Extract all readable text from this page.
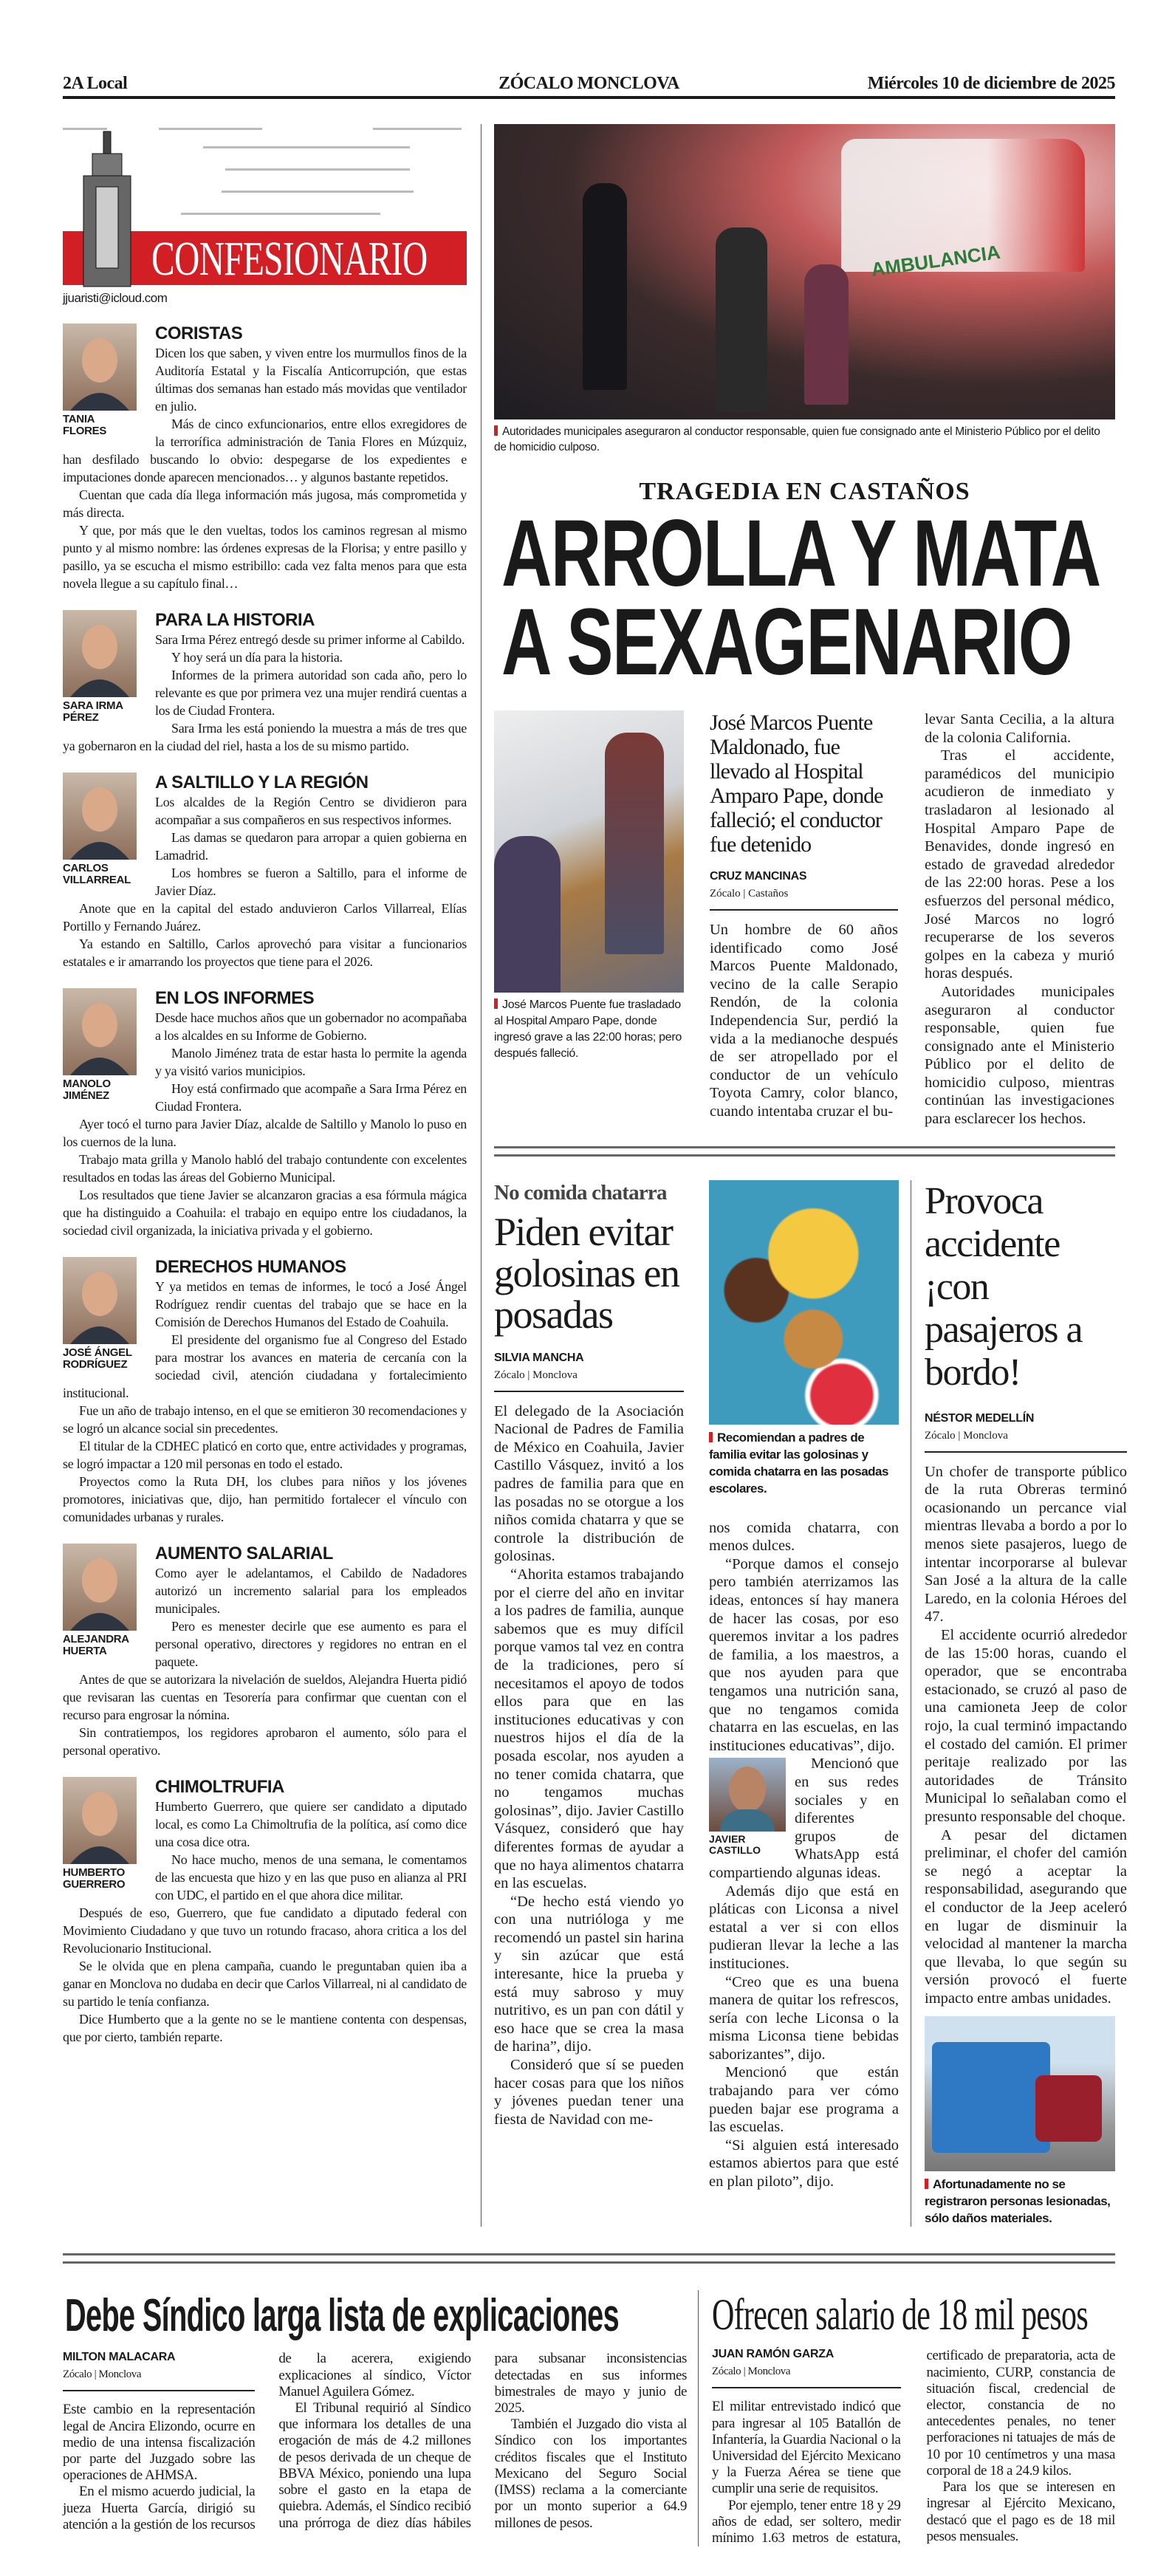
2A Local	ZÓCALO MONCLOVA	Miércoles 10 de diciembre de 2025
CONFESIONARIO
jjuaristi@icloud.com
TANIA FLORES
CORISTAS

Dicen los que saben, y viven entre los murmullos finos de la Auditoría Estatal y la Fiscalía Anticorrupción, que estas últimas dos semanas han estado más movidas que ventilador en julio.

Más de cinco exfuncionarios, entre ellos exregidores de la terrorífica administración de Tania Flores en Múzquiz, han desfilado buscando lo obvio: despegarse de los expedientes e imputaciones donde aparecen mencionados… y algunos bastante repetidos.

Cuentan que cada día llega información más jugosa, más comprometida y más directa.

Y que, por más que le den vueltas, todos los caminos regresan al mismo punto y al mismo nombre: las órdenes expresas de la Florisa; y entre pasillo y pasillo, ya se escucha el mismo estribillo: cada vez falta menos para que esta novela llegue a su capítulo final…

SARA IRMA PÉREZ
PARA LA HISTORIA

Sara Irma Pérez entregó desde su primer informe al Cabildo.

Y hoy será un día para la historia.

Informes de la primera autoridad son cada año, pero lo relevante es que por primera vez una mujer rendirá cuentas a los de Ciudad Frontera.

Sara Irma les está poniendo la muestra a más de tres que ya gobernaron en la ciudad del riel, hasta a los de su mismo partido.

CARLOS VILLARREAL
A SALTILLO Y LA REGIÓN

Los alcaldes de la Región Centro se dividieron para acompañar a sus compañeros en sus respectivos informes.

Las damas se quedaron para arropar a quien gobierna en Lamadrid.

Los hombres se fueron a Saltillo, para el informe de Javier Díaz.

Anote que en la capital del estado anduvieron Carlos Villarreal, Elías Portillo y Fernando Juárez.

Ya estando en Saltillo, Carlos aprovechó para visitar a funcionarios estatales e ir amarrando los proyectos que tiene para el 2026.

MANOLO JIMÉNEZ
EN LOS INFORMES

Desde hace muchos años que un gobernador no acompañaba a los alcaldes en su Informe de Gobierno.

Manolo Jiménez trata de estar hasta lo permite la agenda y ya visitó varios municipios.

Hoy está confirmado que acompañe a Sara Irma Pérez en Ciudad Frontera.

Ayer tocó el turno para Javier Díaz, alcalde de Saltillo y Manolo lo puso en los cuernos de la luna.

Trabajo mata grilla y Manolo habló del trabajo contundente con excelentes resultados en todas las áreas del Gobierno Municipal.

Los resultados que tiene Javier se alcanzaron gracias a esa fórmula mágica que ha distinguido a Coahuila: el trabajo en equipo entre los ciudadanos, la sociedad civil organizada, la iniciativa privada y el gobierno.

JOSÉ ÁNGEL RODRÍGUEZ
DERECHOS HUMANOS

Y ya metidos en temas de informes, le tocó a José Ángel Rodríguez rendir cuentas del trabajo que se hace en la Comisión de Derechos Humanos del Estado de Coahuila.

El presidente del organismo fue al Congreso del Estado para mostrar los avances en materia de cercanía con la sociedad civil, atención ciudadana y fortalecimiento institucional.

Fue un año de trabajo intenso, en el que se emitieron 30 recomendaciones y se logró un alcance social sin precedentes.

El titular de la CDHEC platicó en corto que, entre actividades y programas, se logró impactar a 120 mil personas en todo el estado.

Proyectos como la Ruta DH, los clubes para niños y los jóvenes promotores, iniciativas que, dijo, han permitido fortalecer el vínculo con comunidades urbanas y rurales.

ALEJANDRA HUERTA
AUMENTO SALARIAL

Como ayer le adelantamos, el Cabildo de Nadadores autorizó un incremento salarial para los empleados municipales.

Pero es menester decirle que ese aumento es para el personal operativo, directores y regidores no entran en el paquete.

Antes de que se autorizara la nivelación de sueldos, Alejandra Huerta pidió que revisaran las cuentas en Tesorería para confirmar que cuentan con el recurso para engrosar la nómina.

Sin contratiempos, los regidores aprobaron el aumento, sólo para el personal operativo.

HUMBERTO GUERRERO
CHIMOLTRUFIA

Humberto Guerrero, que quiere ser candidato a diputado local, es como La Chimoltrufia de la política, así como dice una cosa dice otra.

No hace mucho, menos de una semana, le comentamos de las encuesta que hizo y en las que puso en alianza al PRI con UDC, el partido en el que ahora dice militar.

Después de eso, Guerrero, que fue candidato a diputado federal con Movimiento Ciudadano y que tuvo un rotundo fracaso, ahora critica a los del Revolucionario Institucional.

Se le olvida que en plena campaña, cuando le preguntaban quien iba a ganar en Monclova no dudaba en decir que Carlos Villarreal, ni al candidato de su partido le tenía confianza.

Dice Humberto que a la gente no se le mantiene contenta con despensas, que por cierto, también reparte.

AMBULANCIA
Autoridades municipales aseguraron al conductor responsable, quien fue consignado ante el Ministerio Público por el delito de homicidio culposo.
TRAGEDIA EN CASTAÑOS
ARROLLA Y MATA
A SEXAGENARIO
José Marcos Puente fue trasladado al Hospital Amparo Pape, donde ingresó grave a las 22:00 horas; pero después falleció.
José Marcos Puente Maldonado, fue llevado al Hospital Amparo Pape, donde falleció; el conductor fue detenido
CRUZ MANCINAS
Zócalo | Castaños

Un hombre de 60 años identificado como José Marcos Puente Maldonado, vecino de la calle Serapio Rendón, de la colonia Independencia Sur, perdió la vida a la medianoche después de ser atropellado por el conductor de un vehículo Toyota Camry, color blanco, cuando intentaba cruzar el bu-

levar Santa Cecilia, a la altura de la colonia California.

Tras el accidente, paramédicos del municipio acudieron de inmediato y trasladaron al lesionado al Hospital Amparo Pape de Benavides, donde ingresó en estado de gravedad alrededor de las 22:00 horas. Pese a los esfuerzos del personal médico, José Marcos no logró recuperarse de los severos golpes en la cabeza y murió horas después.

Autoridades municipales aseguraron al conductor responsable, quien fue consignado ante el Ministerio Público por el delito de homicidio culposo, mientras continúan las investigaciones para esclarecer los hechos.

No comida chatarra
Piden evitar golosinas en posadas
SILVIA MANCHA
Zócalo | Monclova

El delegado de la Asociación Nacional de Padres de Familia de México en Coahuila, Javier Castillo Vásquez, invitó a los padres de familia para que en las posadas no se otorgue a los niños comida chatarra y que se controle la distribución de golosinas.

“Ahorita estamos trabajando por el cierre del año en invitar a los padres de familia, aunque sabemos que es muy difícil porque vamos tal vez en contra de la tradiciones, pero sí necesitamos el apoyo de todos ellos para que en las instituciones educativas y con nuestros hijos el día de la posada escolar, nos ayuden a no tener comida chatarra, que no tengamos muchas golosinas”, dijo. Javier Castillo Vásquez, consideró que hay diferentes formas de ayudar a que no haya alimentos chatarra en las escuelas.

“De hecho está viendo yo con una nutrióloga y me recomendó un pastel sin harina y sin azúcar que está interesante, hice la prueba y está muy sabroso y muy nutritivo, es un pan con dátil y eso hace que se crea la masa de harina”, dijo.

Consideró que sí se pueden hacer cosas para que los niños y jóvenes puedan tener una fiesta de Navidad con me-

Recomiendan a padres de familia evitar las golosinas y comida chatarra en las posadas escolares.

nos comida chatarra, con menos dulces.

“Porque damos el consejo pero también aterrizamos las ideas, entonces sí hay manera de hacer las cosas, por eso queremos invitar a los padres de familia, a los maestros, a que nos ayuden para que tengamos una nutrición sana, que no tengamos comida chatarra en las escuelas, en las instituciones educativas”, dijo.

JAVIER CASTILLO

Mencionó que en sus redes sociales y en diferentes grupos de WhatsApp está compartiendo algunas ideas.

Además dijo que está en pláticas con Liconsa a nivel estatal a ver si con ellos pudieran llevar la leche a las instituciones.

“Creo que es una buena manera de quitar los refrescos, sería con leche Liconsa o la misma Liconsa tiene bebidas saborizantes”, dijo.

Mencionó que están trabajando para ver cómo pueden bajar ese programa a las escuelas.

“Si alguien está interesado estamos abiertos para que esté en plan piloto”, dijo.

Provoca accidente ¡con pasajeros a bordo!
NÉSTOR MEDELLÍN
Zócalo | Monclova

Un chofer de transporte público de la ruta Obreras terminó ocasionando un percance vial mientras llevaba a bordo a por lo menos siete pasajeros, luego de intentar incorporarse al bulevar San José a la altura de la calle Laredo, en la colonia Héroes del 47.

El accidente ocurrió alrededor de las 15:00 horas, cuando el operador, que se encontraba estacionado, se cruzó al paso de una camioneta Jeep de color rojo, la cual terminó impactando el costado del camión. El primer peritaje realizado por las autoridades de Tránsito Municipal lo señalaban como el presunto responsable del choque.

A pesar del dictamen preliminar, el chofer del camión se negó a aceptar la responsabilidad, asegurando que el conductor de la Jeep aceleró en lugar de disminuir la velocidad al mantener la marcha que llevaba, lo que según su versión provocó el fuerte impacto entre ambas unidades.

Afortunadamente no se registraron personas lesionadas, sólo daños materiales.
Debe Síndico larga lista de explicaciones
MILTON MALACARA
Zócalo | Monclova

Este cambio en la representación legal de Ancira Elizondo, ocurre en medio de una intensa fiscalización por parte del Juzgado sobre las operaciones de AHMSA.

En el mismo acuerdo judicial, la jueza Huerta García, dirigió su atención a la gestión de los recursos de la acerera, exigiendo explicaciones al síndico, Víctor Manuel Aguilera Gómez.

El Tribunal requirió al Síndico que informara los detalles de una erogación de más de 4.2 millones de pesos derivada de un cheque de BBVA México, poniendo una lupa sobre el gasto en la etapa de quiebra. Además, el Síndico recibió una prórroga de diez días hábiles para subsanar inconsistencias detectadas en sus informes bimestrales de mayo y junio de 2025.

También el Juzgado dio vista al Síndico con los importantes créditos fiscales que el Instituto Mexicano del Seguro Social (IMSS) reclama a la comerciante por un monto superior a 64.9 millones de pesos.

Ofrecen salario de 18 mil pesos
JUAN RAMÓN GARZA
Zócalo | Monclova

El militar entrevistado indicó que para ingresar al 105 Batallón de Infantería, la Guardia Nacional o la Universidad del Ejército Mexicano y la Fuerza Aérea se tiene que cumplir una serie de requisitos.

Por ejemplo, tener entre 18 y 29 años de edad, ser soltero, medir mínimo 1.63 metros de estatura, certificado de preparatoria, acta de nacimiento, CURP, constancia de situación fiscal, credencial de elector, constancia de no antecedentes penales, no tener perforaciones ni tatuajes de más de 10 por 10 centímetros y una masa corporal de 18 a 24.9 kilos.

Para los que se interesen en ingresar al Ejército Mexicano, destacó que el pago es de 18 mil pesos mensuales.
